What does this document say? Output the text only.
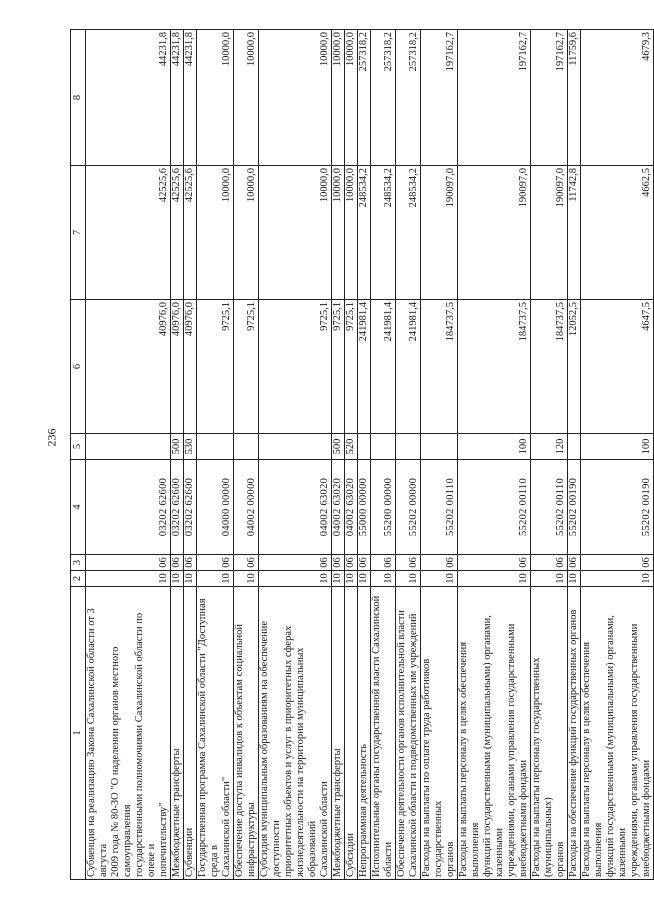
236
1	2	3	4	5	6	7	8
Субвенция на реализацию Закона Сахалинской области от 3 августа
2009 года № 80-ЗО "О наделении органов местного самоуправления
государственными полномочиями Сахалинской области по опеке и
попечительству"	10	06	03202 62600		40976,0	42525,6	44231,8
Межбюджетные трансферты	10	06	03202 62600	500	40976,0	42525,6	44231,8
Субвенции	10	06	03202 62600	530	40976,0	42525,6	44231,8
Государственная программа Сахалинской области "Доступная среда в
Сахалинской области"	10	06	04000 00000		9725,1	10000,0	10000,0
Обеспечение доступа инвалидов к объектам социальной
инфраструктуры	10	06	04002 00000		9725,1	10000,0	10000,0
Субсидия муниципальным образованиям на обеспечение доступности
приоритетных объектов и услуг в приоритетных сферах
жизнедеятельности на территории муниципальных образований
Сахалинской области	10	06	04002 63020		9725,1	10000,0	10000,0
Межбюджетные трансферты	10	06	04002 63020	500	9725,1	10000,0	10000,0
Субсидии	10	06	04002 63020	520	9725,1	10000,0	10000,0
Непрограммная деятельность	10	06	55000 00000		241981,4	248534,2	257318,2
Исполнительные органы государственной власти Сахалинской области	10	06	55200 00000		241981,4	248534,2	257318,2
Обеспечение деятельности органов исполнительной власти
Сахалинской области и подведомственных им учреждений	10	06	55202 00000		241981,4	248534,2	257318,2
Расходы на выплаты по оплате труда работников государственных
органов	10	06	55202 00110		184737,5	190097,0	197162,7
Расходы на выплаты персоналу в целях обеспечения выполнения
функций государственными (муниципальными) органами, казенными
учреждениями, органами управления государственными
внебюджетными фондами	10	06	55202 00110	100	184737,5	190097,0	197162,7
Расходы на выплаты персоналу государственных (муниципальных)
органов	10	06	55202 00110	120	184737,5	190097,0	197162,7
Расходы на обеспечение функций государственных органов	10	06	55202 00190		12052,5	11742,8	11759,6
Расходы на выплаты персоналу в целях обеспечения выполнения
функций государственными (муниципальными) органами, казенными
учреждениями, органами управления государственными
внебюджетными фондами	10	06	55202 00190	100	4647,5	4662,5	4679,3
